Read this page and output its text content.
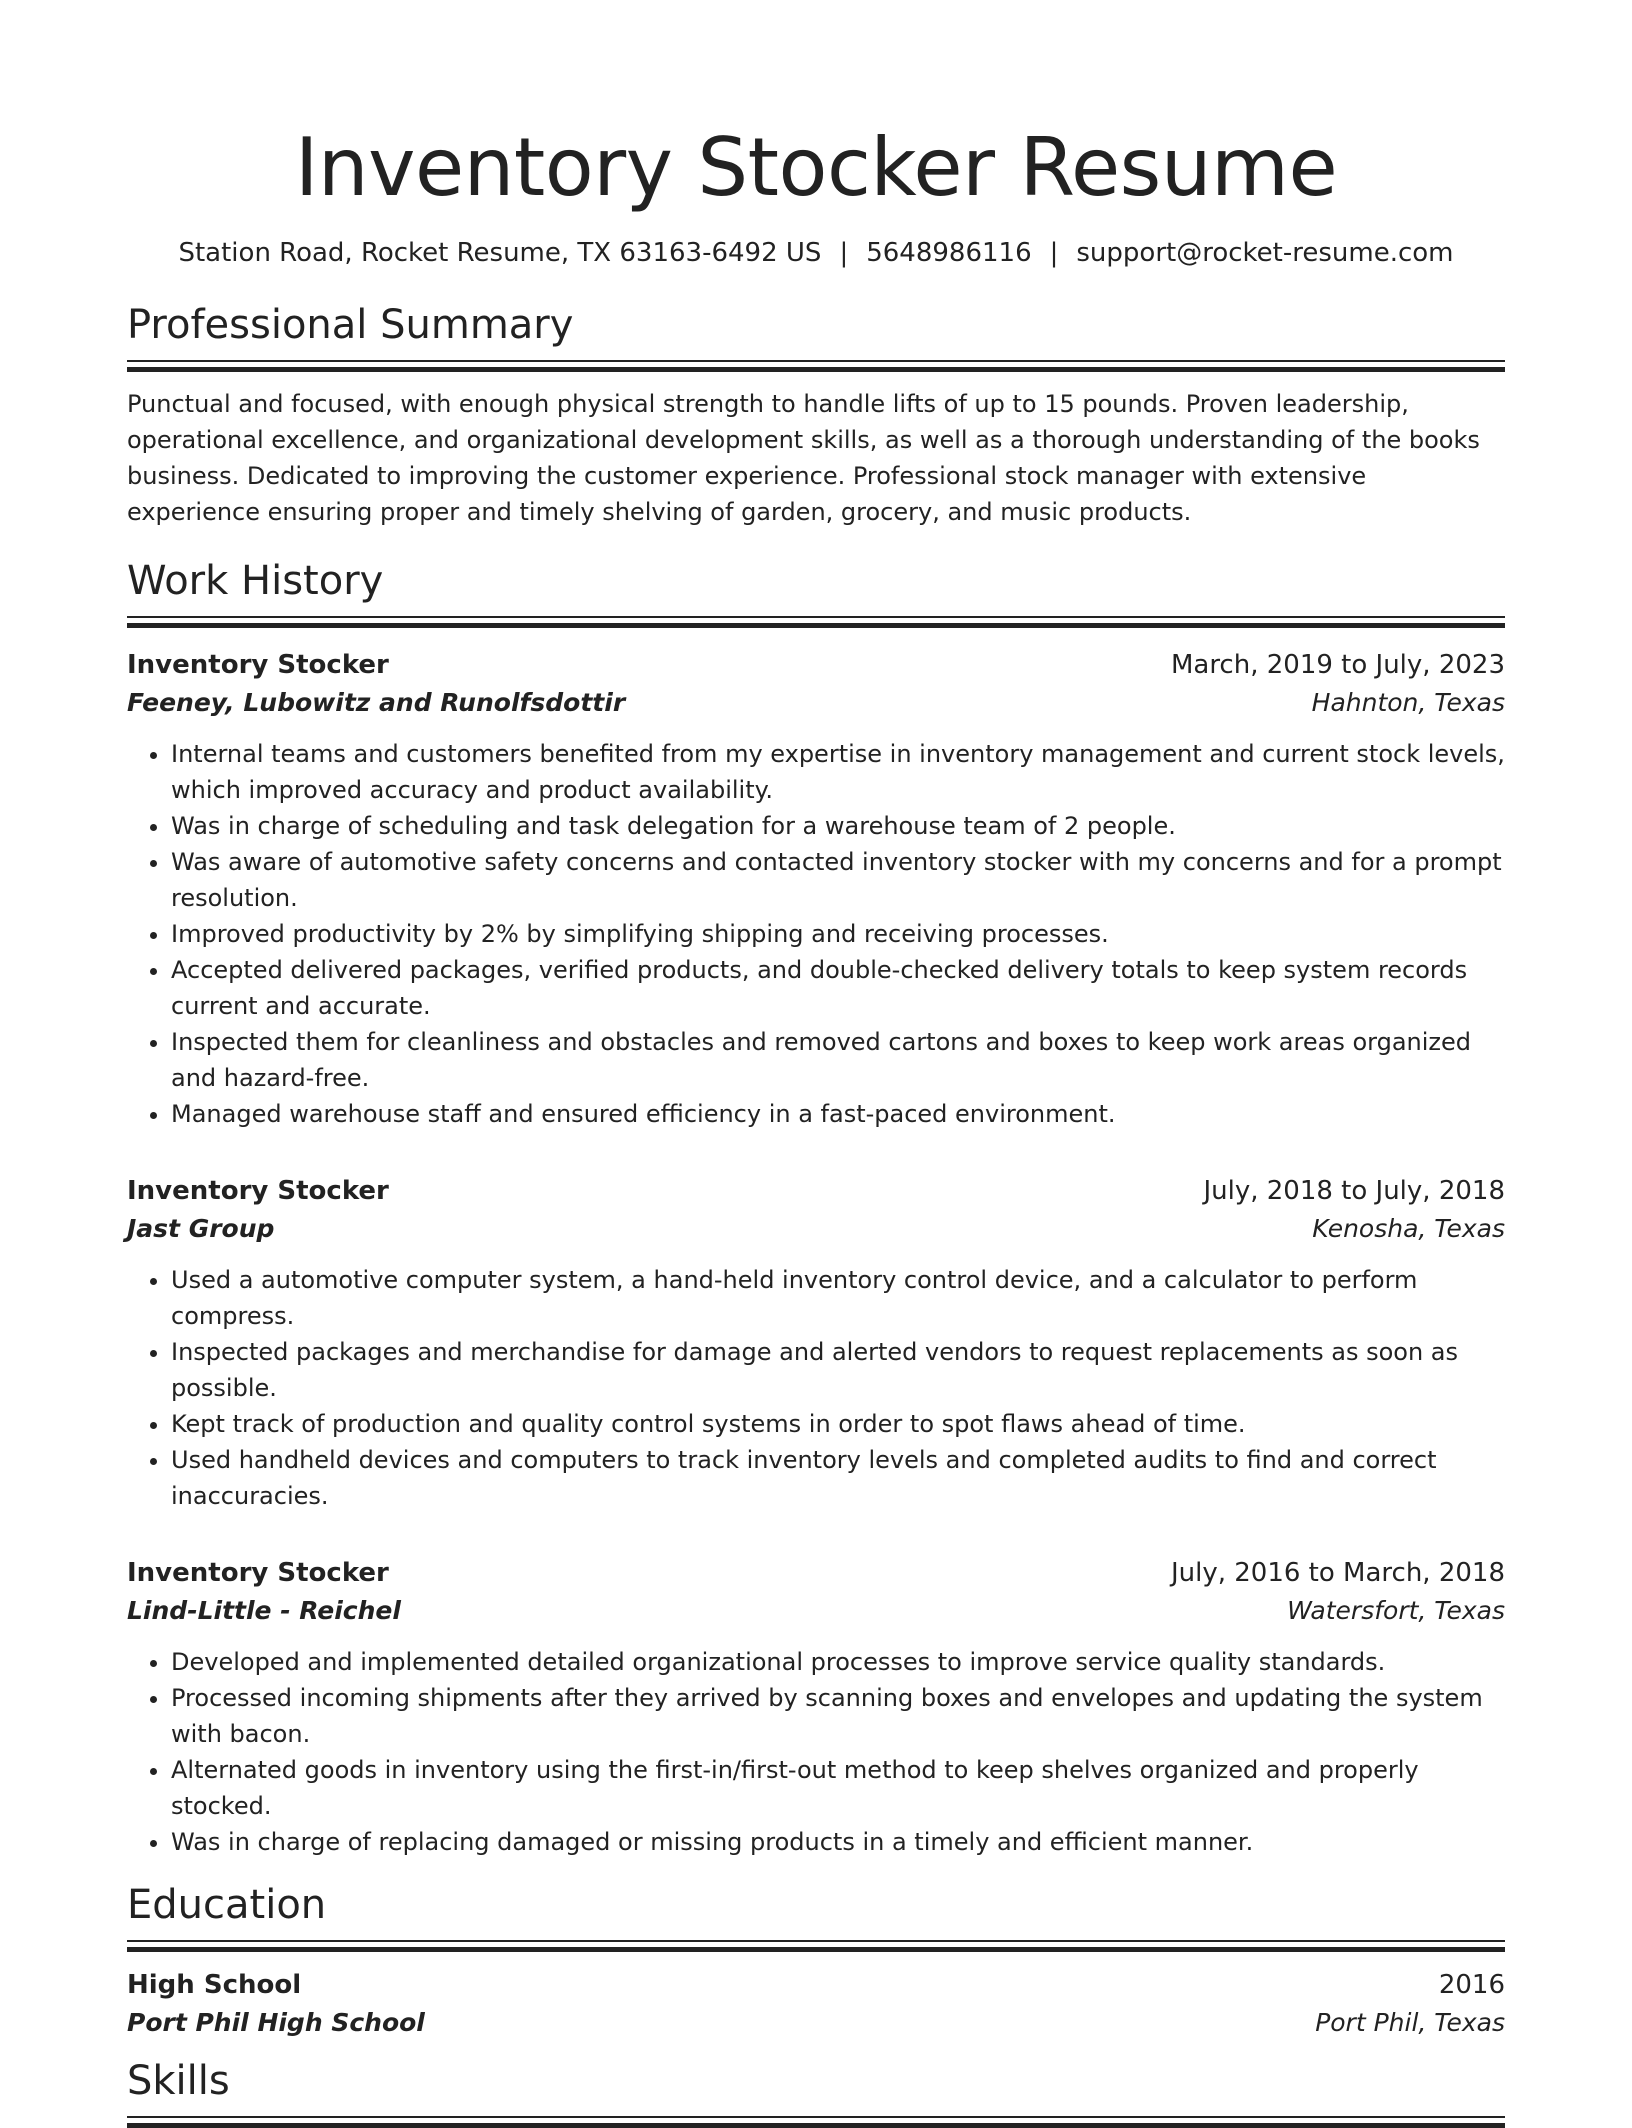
Inventory Stocker Resume
Station Road, Rocket Resume, TX 63163-6492 US | 5648986116 | support@rocket-resume.com
Professional Summary
Punctual and focused, with enough physical strength to handle lifts of up to 15 pounds. Proven leadership, operational excellence, and organizational development skills, as well as a thorough understanding of the books business. Dedicated to improving the customer experience. Professional stock manager with extensive experience ensuring proper and timely shelving of garden, grocery, and music products.
Work History
Inventory Stocker	March, 2019 to July, 2023
Feeney, Lubowitz and Runolfsdottir	Hahnton, Texas
• Internal teams and customers benefited from my expertise in inventory management and current stock levels, which improved accuracy and product availability.
• Was in charge of scheduling and task delegation for a warehouse team of 2 people.
• Was aware of automotive safety concerns and contacted inventory stocker with my concerns and for a prompt resolution.
• Improved productivity by 2% by simplifying shipping and receiving processes.
• Accepted delivered packages, verified products, and double-checked delivery totals to keep system records current and accurate.
• Inspected them for cleanliness and obstacles and removed cartons and boxes to keep work areas organized and hazard-free.
• Managed warehouse staff and ensured efficiency in a fast-paced environment.
Inventory Stocker	July, 2018 to July, 2018
Jast Group	Kenosha, Texas
• Used a automotive computer system, a hand-held inventory control device, and a calculator to perform compress.
• Inspected packages and merchandise for damage and alerted vendors to request replacements as soon as possible.
• Kept track of production and quality control systems in order to spot flaws ahead of time.
• Used handheld devices and computers to track inventory levels and completed audits to find and correct inaccuracies.
Inventory Stocker	July, 2016 to March, 2018
Lind-Little - Reichel	Watersfort, Texas
• Developed and implemented detailed organizational processes to improve service quality standards.
• Processed incoming shipments after they arrived by scanning boxes and envelopes and updating the system with bacon.
• Alternated goods in inventory using the first-in/first-out method to keep shelves organized and properly stocked.
• Was in charge of replacing damaged or missing products in a timely and efficient manner.
Education
High School	2016
Port Phil High School	Port Phil, Texas
Skills
